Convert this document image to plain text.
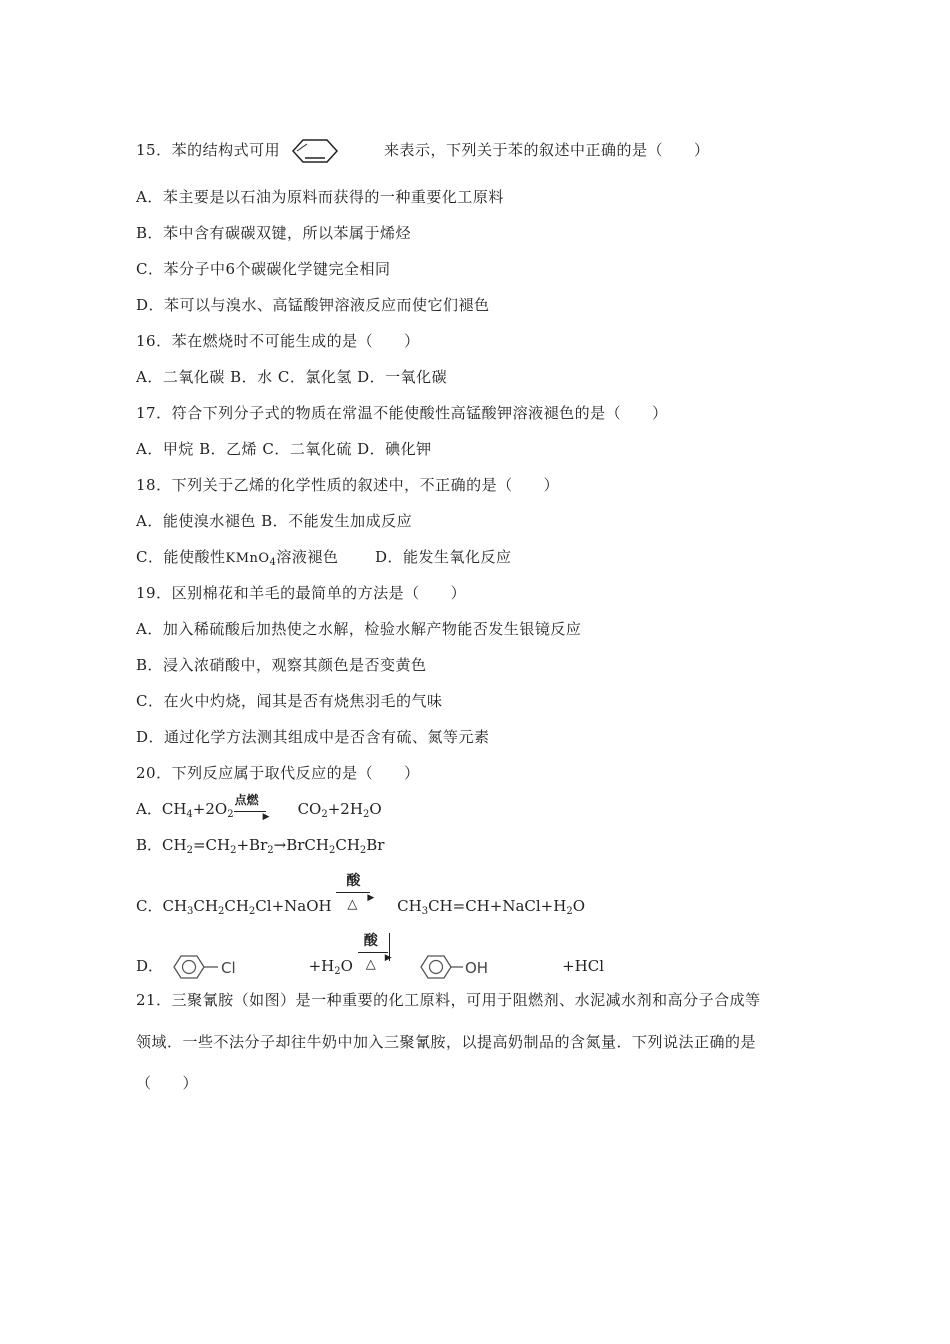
15．苯的结构式可用	来表示，下列关于苯的叙述中正确的是（　　）
A．苯主要是以石油为原料而获得的一种重要化工原料
B．苯中含有碳碳双键，所以苯属于烯烃
C．苯分子中6个碳碳化学键完全相同
D．苯可以与溴水、高锰酸钾溶液反应而使它们褪色
16．苯在燃烧时不可能生成的是（　　）
A．二氧化碳 B．水 C．氯化氢 D．一氧化碳
17．符合下列分子式的物质在常温不能使酸性高锰酸钾溶液褪色的是（　　）
A．甲烷 B．乙烯 C．二氧化硫 D．碘化钾
18．下列关于乙烯的化学性质的叙述中，不正确的是（　　）
A．能使溴水褪色 B．不能发生加成反应
C．能使酸性KMnO$_4$溶液褪色 D．能发生氧化反应
19．区别棉花和羊毛的最简单的方法是（　　）
A．加入稀硫酸后加热使之水解，检验水解产物能否发生银镜反应
B．浸入浓硝酸中，观察其颜色是否变黄色
C．在火中灼烧，闻其是否有烧焦羽毛的气味
D．通过化学方法测其组成中是否含有硫、氮等元素
20．下列反应属于取代反应的是（　　）
A．$CH_4+2O_2$
点燃
▶ $CO_2+2H_2O$
B．$CH_2=CH_2+Br_2\to BrCH_2CH_2Br$
C．$CH_3CH_2CH_2Cl+NaOH$
酸
▶
△	$CH_3CH=CH+NaCl+H_2O$
D．	Cl	$+H_2O$
酸
▶
△
	OH	+HCl
21．三聚氰胺（如图）是一种重要的化工原料，可用于阻燃剂、水泥减水剂和高分子合成等
领域．一些不法分子却往牛奶中加入三聚氰胺，以提高奶制品的含氮量．下列说法正确的是
（　　）
